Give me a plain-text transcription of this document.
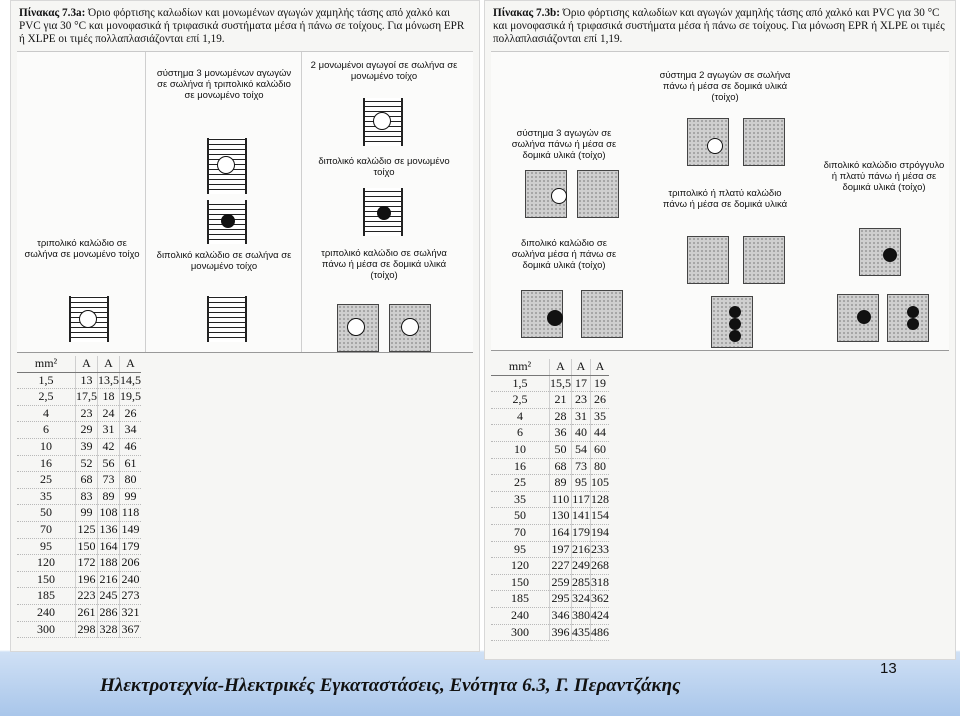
Πίνακας 7.3a: Όριο φόρτισης καλωδίων και μονωμένων αγωγών χαμηλής τάσης από χαλκό και PVC για 30 °C και μονοφασικά ή τριφασικά συστήματα μέσα ή πάνω σε τοίχους. Για μόνωση EPR ή XLPE οι τιμές πολλαπλασιάζονται επί 1,19.
τριπολικό καλώδιο σε σωλήνα σε μονωμένο τοίχο
σύστημα 3 μονωμένων αγωγών σε σωλήνα ή τριπολικό καλώδιο σε μονωμένο τοίχο
διπολικό καλώδιο σε σωλήνα σε μονωμένο τοίχο
2 μονωμένοι αγωγοί σε σωλήνα σε μονωμένο τοίχο
διπολικό καλώδιο σε μονωμένο τοίχο
τριπολικό καλώδιο σε σωλήνα πάνω ή μέσα σε δομικά υλικά (τοίχο)
mm²	A	A	A
1,5	13	13,5	14,5
2,5	17,5	18	19,5
4	23	24	26
6	29	31	34
10	39	42	46
16	52	56	61
25	68	73	80
35	83	89	99
50	99	108	118
70	125	136	149
95	150	164	179
120	172	188	206
150	196	216	240
185	223	245	273
240	261	286	321
300	298	328	367
Πίνακας 7.3b: Όριο φόρτισης καλωδίων και αγωγών χαμηλής τάσης από χαλκό και PVC για 30 °C και μονοφασικά ή τριφασικά συστήματα μέσα ή πάνω σε τοίχους. Για μόνωση EPR ή XLPE οι τιμές πολλαπλασιάζονται επί 1,19.
σύστημα 3 αγωγών σε σωλήνα πάνω ή μέσα σε δομικά υλικά (τοίχο)
διπολικό καλώδιο σε σωλήνα μέσα ή πάνω σε δομικά υλικά (τοίχο)
σύστημα 2 αγωγών σε σωλήνα πάνω ή μέσα σε δομικά υλικά (τοίχο)
τριπολικό ή πλατύ καλώδιο πάνω ή μέσα σε δομικά υλικά
διπολικό καλώδιο στρόγγυλο ή πλατύ πάνω ή μέσα σε δομικά υλικά (τοίχο)
mm²	A	A	A
1,5	15,5	17	19
2,5	21	23	26
4	28	31	35
6	36	40	44
10	50	54	60
16	68	73	80
25	89	95	105
35	110	117	128
50	130	141	154
70	164	179	194
95	197	216	233
120	227	249	268
150	259	285	318
185	295	324	362
240	346	380	424
300	396	435	486
13
Ηλεκτροτεχνία-Ηλεκτρικές Εγκαταστάσεις, Ενότητα 6.3, Γ. Περαντζάκης
